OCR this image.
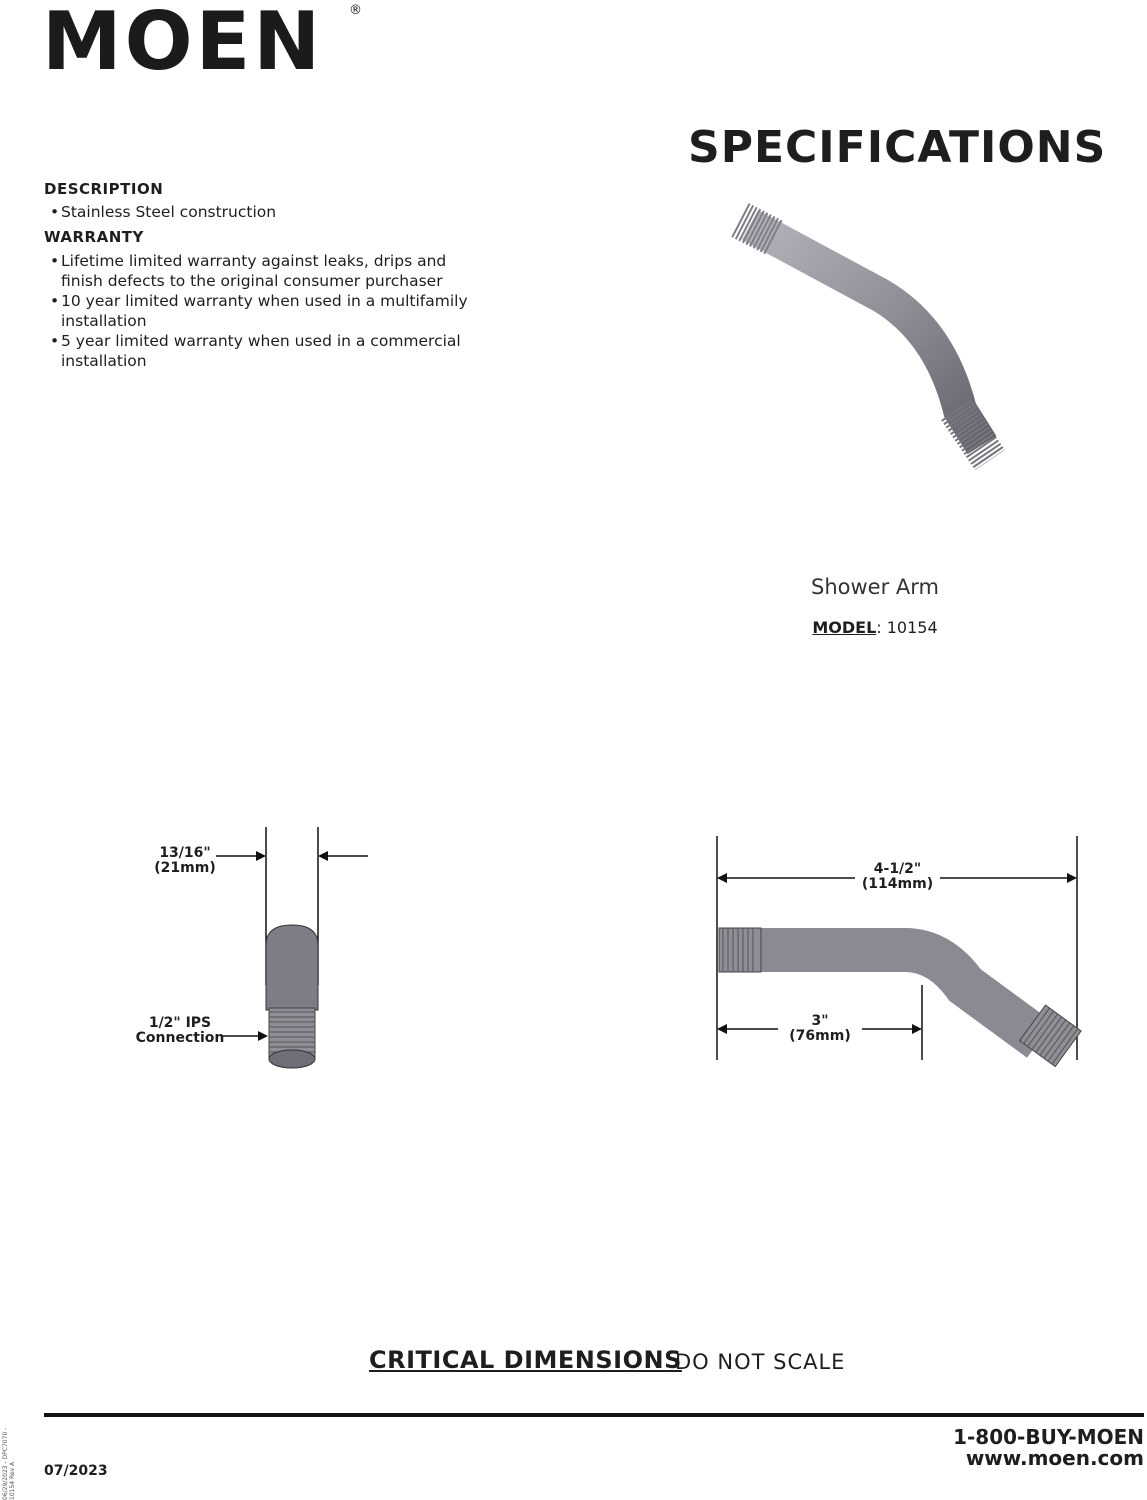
MOEN ®
SPECIFICATIONS
DESCRIPTION
• Stainless Steel construction
WARRANTY
• Lifetime limited warranty against leaks, drips and finish defects to the original consumer purchaser
• 10 year limited warranty when used in a multifamily installation
• 5 year limited warranty when used in a commercial installation
Shower Arm
MODEL: 10154
13/16"
(21mm)
1/2" IPS
Connection
4-1/2"
(114mm)
3"
(76mm)
CRITICAL DIMENSIONS
DO NOT SCALE
07/2023
1-800-BUY-MOEN
www.moen.com
06/29/2023 - DPC7070 - 10154 Rev A
